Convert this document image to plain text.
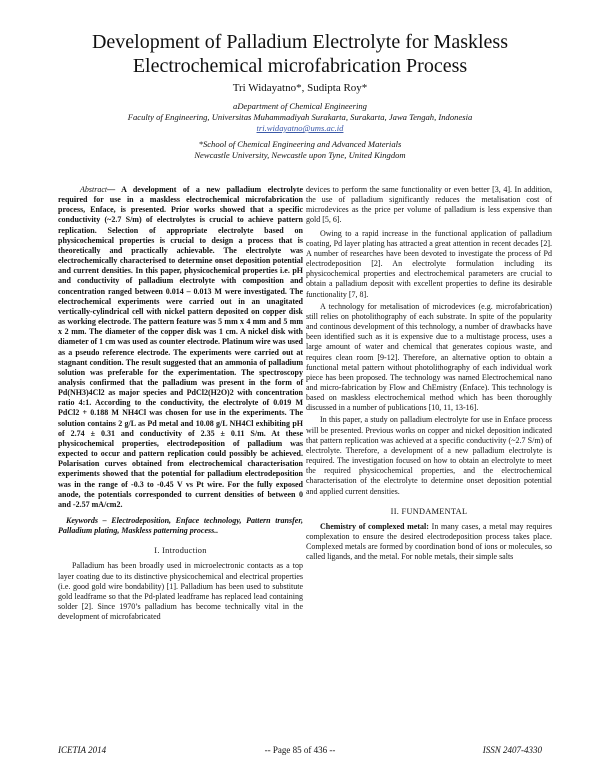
Development of Palladium Electrolyte for Maskless Electrochemical microfabrication Process
Tri Widayatno*, Sudipta Roy*
aDepartment of Chemical Engineering
Faculty of Engineering, Universitas Muhammadiyah Surakarta, Surakarta, Jawa Tengah, Indonesia
tri.widayatno@ums.ac.id
*School of Chemical Engineering and Advanced Materials
Newcastle University, Newcastle upon Tyne, United Kingdom
Abstract— A development of a new palladium electrolyte required for use in a maskless electrochemical microfabrication process, Enface, is presented. Prior works showed that a specific conductivity (~2.7 S/m) of electrolytes is crucial to achieve pattern replication. Selection of appropriate electrolyte based on physicochemical properties is crucial to design a process that is theoretically and practically achievable. The electrolyte was electrochemically characterised to determine onset deposition potential and current densities. In this paper, physicochemical properties i.e. pH and conductivity of palladium electrolyte with composition and concentration ranged between 0.014 – 0.013 M were investigated. The electrochemical experiments were carried out in an unagitated vertically-cylindrical cell with nickel pattern deposited on copper disk as working electrode. The pattern feature was 5 mm x 4 mm and 5 mm x 2 mm. The diameter of the copper disk was 1 cm. A nickel disk with diameter of 1 cm was used as counter electrode. Platinum wire was used as a pseudo reference electrode. The experiments were carried out at stagnant condition. The result suggested that an ammonia of palladium solution was preferable for the experimentation. The spectroscopy analysis confirmed that the palladium was present in the form of Pd(NH3)4Cl2 as major species and PdCl2(H2O)2 with concentration ratio 4:1. According to the conductivity, the electrolyte of 0.019 M PdCl2 + 0.188 M NH4Cl was chosen for use in the experiments. The solution contains 2 g/L as Pd metal and 10.08 g/L NH4Cl exhibiting pH of 2.74 ± 0.31 and conductivity of 2.35 ± 0.11 S/m. At these physicochemical properties, electrodeposition of palladium was expected to occur and pattern replication could possibly be achieved. Polarisation curves obtained from electrochemical characterisation experiments showed that the potential for palladium electrodeposition was in the range of -0.3 to -0.45 V vs Pt wire. For the fully exposed anode, the potentials corresponded to current densities of between 0 and -2.57 mA/cm2.
Keywords – Electrodeposition, Enface technology, Pattern transfer, Palladium plating, Maskless patterning process..
I. Introduction
Palladium has been broadly used in microelectronic contacts as a top layer coating due to its distinctive physicochemical and electrical properties (i.e. good gold wire bondability) [1]. Palladium has been used to substitute gold leadframe so that the Pd-plated leadframe has replaced lead containing solder [2]. Since 1970’s palladium has become technically vital in the development of microfabricated
devices to perform the same functionality or even better [3, 4]. In addition, the use of palladium significantly reduces the metalisation cost of microdevices as the price per volume of palladium is less expensive than gold [5, 6].
Owing to a rapid increase in the functional application of palladium coating, Pd layer plating has attracted a great attention in recent decades [2]. A number of researches have been devoted to investigate the process of Pd electrodeposition [2]. An electrolyte formulation including its physicochemical properties and electrochemical parameters are crucial to obtain a palladium deposit with excellent properties to define its desirable functionality [7, 8].
A technology for metalisation of microdevices (e.g. microfabrication) still relies on photolithography of each substrate. In spite of the popularity and continous development of this technology, a number of drawbacks have been identified such as it is expensive due to a multistage process, uses a large amount of water and chemical that generates copious waste, and requires clean room [9-12]. Therefore, an alternative option to obtain a functional metal pattern without photolithography of each individual work piece has been proposed. The technology was named Electrochemical nano and micro-fabrication by Flow and ChEmistry (Enface). This technology is based on maskless electrochemical method which has been thoroughly discussed in a number of publications [10, 11, 13-16].
In this paper, a study on palladium electrolyte for use in Enface process will be presented. Previous works on copper and nickel deposition indicated that pattern replication was achieved at a specific conductivity (~2.7 S/m) of electrolyte. Therefore, a development of a new palladium electrolyte is required. The investigation focused on how to obtain an electrolyte to meet the required physicochemical properties, and the electrochemical characterisation of the electrolyte to determine onset deposition potential and applied current densities.
II. FUNDAMENTAL
Chemistry of complexed metal: In many cases, a metal may requires complexation to ensure the desired electrodeposition process takes place. Complexed metals are formed by coordination bond of ions or molecules, so called ligands, and the metal. For noble metals, their simple salts
ICETIA 2014	-- Page 85 of 436 --	ISSN 2407-4330
